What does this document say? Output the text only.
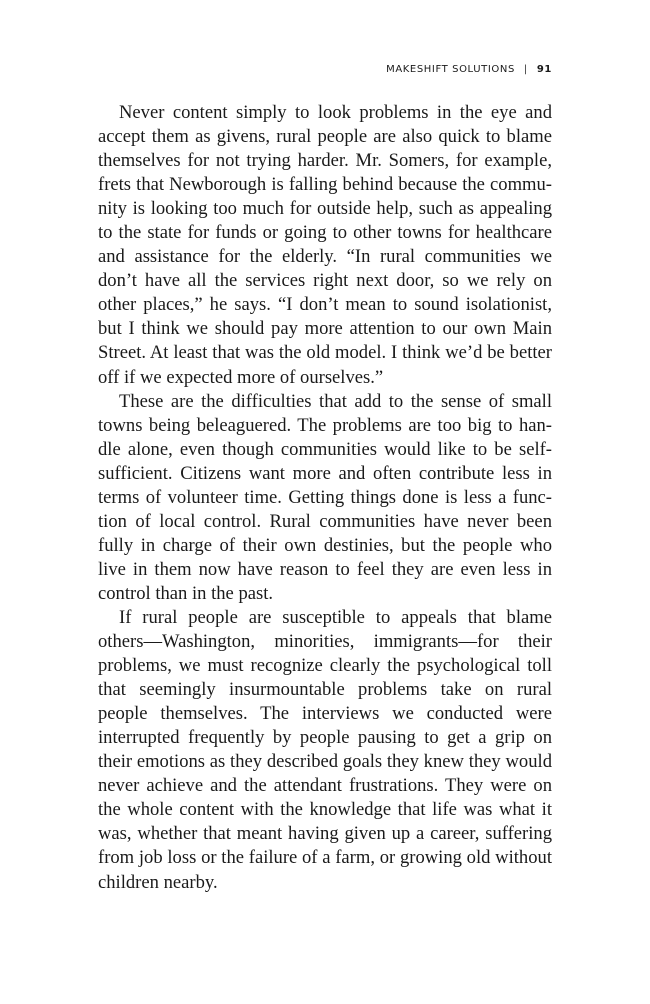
MAKESHIFT SOLUTIONS | 91

Never content simply to look problems in the eye and accept them as givens, rural people are also quick to blame themselves for not trying harder. Mr. Somers, for example, frets that Newborough is falling behind because the community is looking too much for outside help, such as appealing to the state for funds or going to other towns for healthcare and assistance for the elderly. “In rural communities we don’t have all the services right next door, so we rely on other places,” he says. “I don’t mean to sound isolationist, but I think we should pay more attention to our own Main Street. At least that was the old model. I think we’d be better off if we expected more of ourselves.”

These are the difficulties that add to the sense of small towns being beleaguered. The problems are too big to handle alone, even though communities would like to be self-sufficient. Citizens want more and often contribute less in terms of volunteer time. Getting things done is less a function of local control. Rural communities have never been fully in charge of their own destinies, but the people who live in them now have reason to feel they are even less in control than in the past.

If rural people are susceptible to appeals that blame others—Washington, minorities, immigrants—for their problems, we must recognize clearly the psychological toll that seemingly insurmountable problems take on rural people themselves. The interviews we conducted were interrupted frequently by people pausing to get a grip on their emotions as they described goals they knew they would never achieve and the attendant frustrations. They were on the whole content with the knowledge that life was what it was, whether that meant having given up a career, suffering from job loss or the failure of a farm, or growing old without children nearby.
